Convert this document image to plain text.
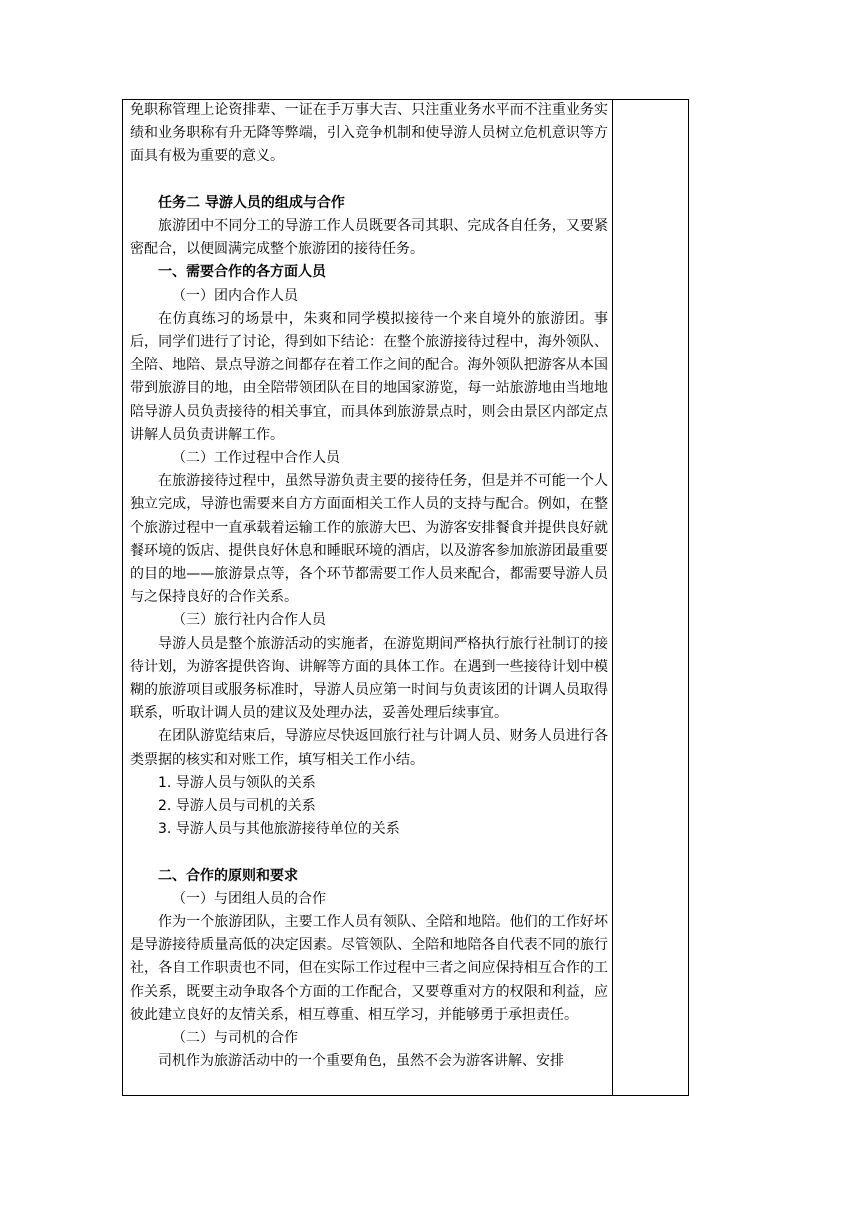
免职称管理上论资排辈、一证在手万事大吉、只注重业务水平而不注重业务实绩和业务职称有升无降等弊端，引入竞争机制和使导游人员树立危机意识等方面具有极为重要的意义。

任务二 导游人员的组成与合作

旅游团中不同分工的导游工作人员既要各司其职、完成各自任务，又要紧密配合，以便圆满完成整个旅游团的接待任务。

一、需要合作的各方面人员

（一）团内合作人员

在仿真练习的场景中，朱爽和同学模拟接待一个来自境外的旅游团。事后，同学们进行了讨论，得到如下结论：在整个旅游接待过程中，海外领队、全陪、地陪、景点导游之间都存在着工作之间的配合。海外领队把游客从本国带到旅游目的地，由全陪带领团队在目的地国家游览，每一站旅游地由当地地陪导游人员负责接待的相关事宜，而具体到旅游景点时，则会由景区内部定点讲解人员负责讲解工作。

（二）工作过程中合作人员

在旅游接待过程中，虽然导游负责主要的接待任务，但是并不可能一个人独立完成，导游也需要来自方方面面相关工作人员的支持与配合。例如，在整个旅游过程中一直承载着运输工作的旅游大巴、为游客安排餐食并提供良好就餐环境的饭店、提供良好休息和睡眠环境的酒店，以及游客参加旅游团最重要的目的地——旅游景点等，各个环节都需要工作人员来配合，都需要导游人员与之保持良好的合作关系。

（三）旅行社内合作人员

导游人员是整个旅游活动的实施者，在游览期间严格执行旅行社制订的接待计划，为游客提供咨询、讲解等方面的具体工作。在遇到一些接待计划中模糊的旅游项目或服务标准时，导游人员应第一时间与负责该团的计调人员取得联系，听取计调人员的建议及处理办法，妥善处理后续事宜。

在团队游览结束后，导游应尽快返回旅行社与计调人员、财务人员进行各类票据的核实和对账工作，填写相关工作小结。

1. 导游人员与领队的关系

2. 导游人员与司机的关系

3. 导游人员与其他旅游接待单位的关系

二、合作的原则和要求

（一）与团组人员的合作

作为一个旅游团队，主要工作人员有领队、全陪和地陪。他们的工作好坏是导游接待质量高低的决定因素。尽管领队、全陪和地陪各自代表不同的旅行社，各自工作职责也不同，但在实际工作过程中三者之间应保持相互合作的工作关系，既要主动争取各个方面的工作配合，又要尊重对方的权限和利益，应彼此建立良好的友情关系，相互尊重、相互学习，并能够勇于承担责任。

（二）与司机的合作

司机作为旅游活动中的一个重要角色，虽然不会为游客讲解、安排
